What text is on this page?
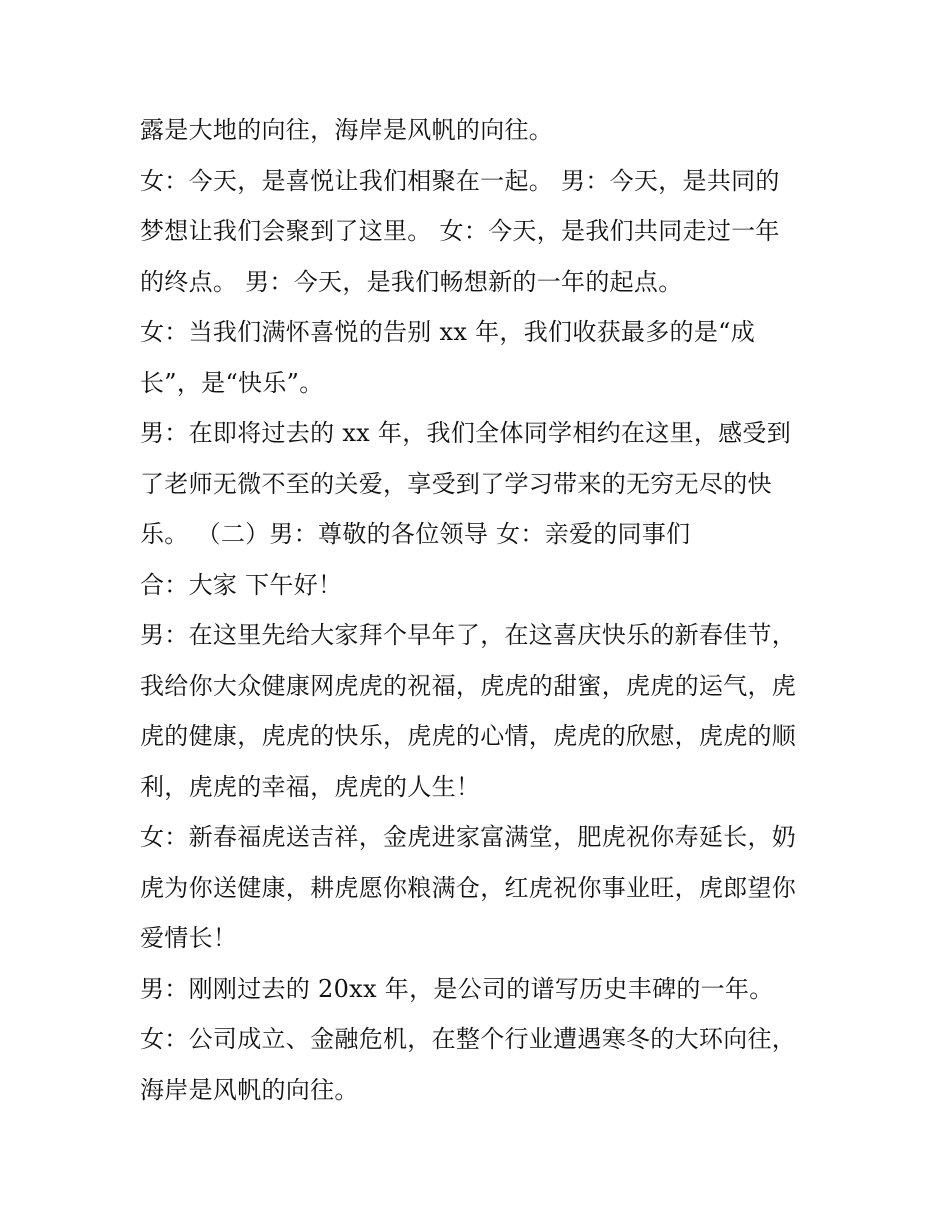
露是大地的向往，海岸是风帆的向往。
女：今天，是喜悦让我们相聚在一起。 男：今天，是共同的
梦想让我们会聚到了这里。 女：今天，是我们共同走过一年
的终点。 男：今天，是我们畅想新的一年的起点。
女：当我们满怀喜悦的告别 xx 年，我们收获最多的是“成
长”，是“快乐”。
男：在即将过去的 xx 年，我们全体同学相约在这里，感受到
了老师无微不至的关爱，享受到了学习带来的无穷无尽的快
乐。 （二）男：尊敬的各位领导 女：亲爱的同事们
合：大家 下午好！
男：在这里先给大家拜个早年了，在这喜庆快乐的新春佳节，
我给你大众健康网虎虎的祝福，虎虎的甜蜜，虎虎的运气，虎
虎的健康，虎虎的快乐，虎虎的心情，虎虎的欣慰，虎虎的顺
利，虎虎的幸福，虎虎的人生！
女：新春福虎送吉祥，金虎进家富满堂，肥虎祝你寿延长，奶
虎为你送健康，耕虎愿你粮满仓，红虎祝你事业旺，虎郎望你
爱情长！
男：刚刚过去的 20xx 年，是公司的谱写历史丰碑的一年。
女：公司成立、金融危机，在整个行业遭遇寒冬的大环向往，
海岸是风帆的向往。
